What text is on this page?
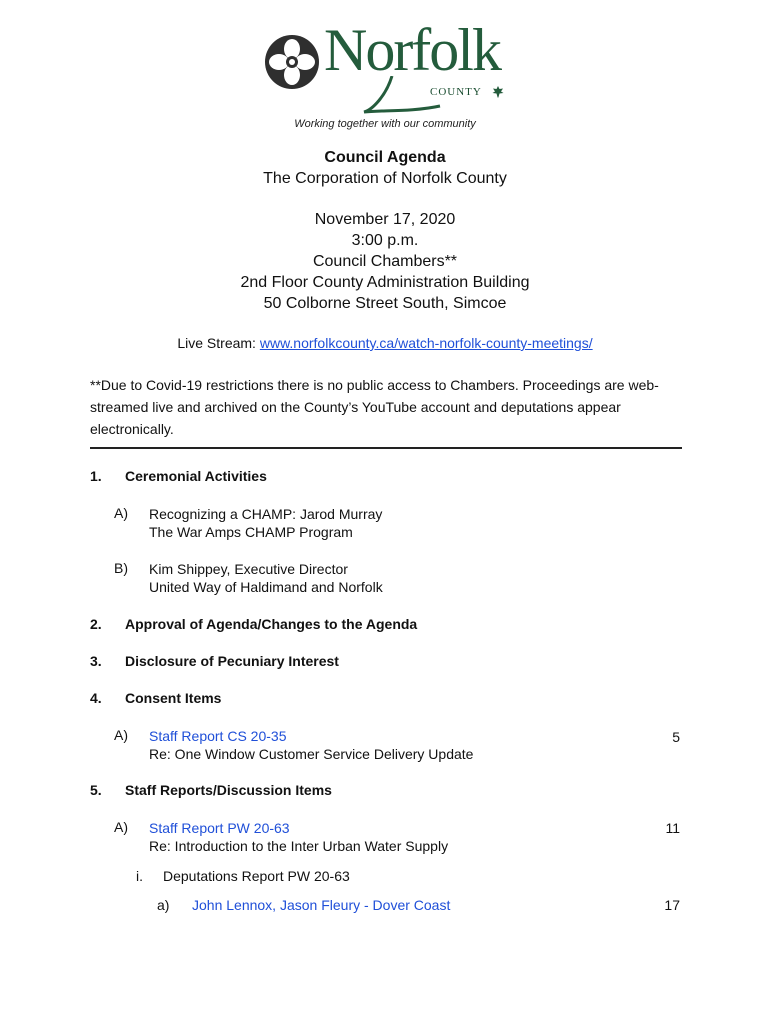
Norfolk
COUNTY
Working together with our community
Council Agenda
The Corporation of Norfolk County
November 17, 2020
3:00 p.m.
Council Chambers**
2nd Floor County Administration Building
50 Colborne Street South, Simcoe
Live Stream: www.norfolkcounty.ca/watch-norfolk-county-meetings/
**Due to Covid-19 restrictions there is no public access to Chambers. Proceedings are web-streamed live and archived on the County’s YouTube account and deputations appear electronically.
1. Ceremonial Activities
A) Recognizing a CHAMP: Jarod Murray
The War Amps CHAMP Program
B) Kim Shippey, Executive Director
United Way of Haldimand and Norfolk
2. Approval of Agenda/Changes to the Agenda
3. Disclosure of Pecuniary Interest
4. Consent Items
A) Staff Report CS 20-35
Re: One Window Customer Service Delivery Update
5
5. Staff Reports/Discussion Items
A) Staff Report PW 20-63
Re: Introduction to the Inter Urban Water Supply
11
i. Deputations Report PW 20-63
a) John Lennox, Jason Fleury - Dover Coast	17
